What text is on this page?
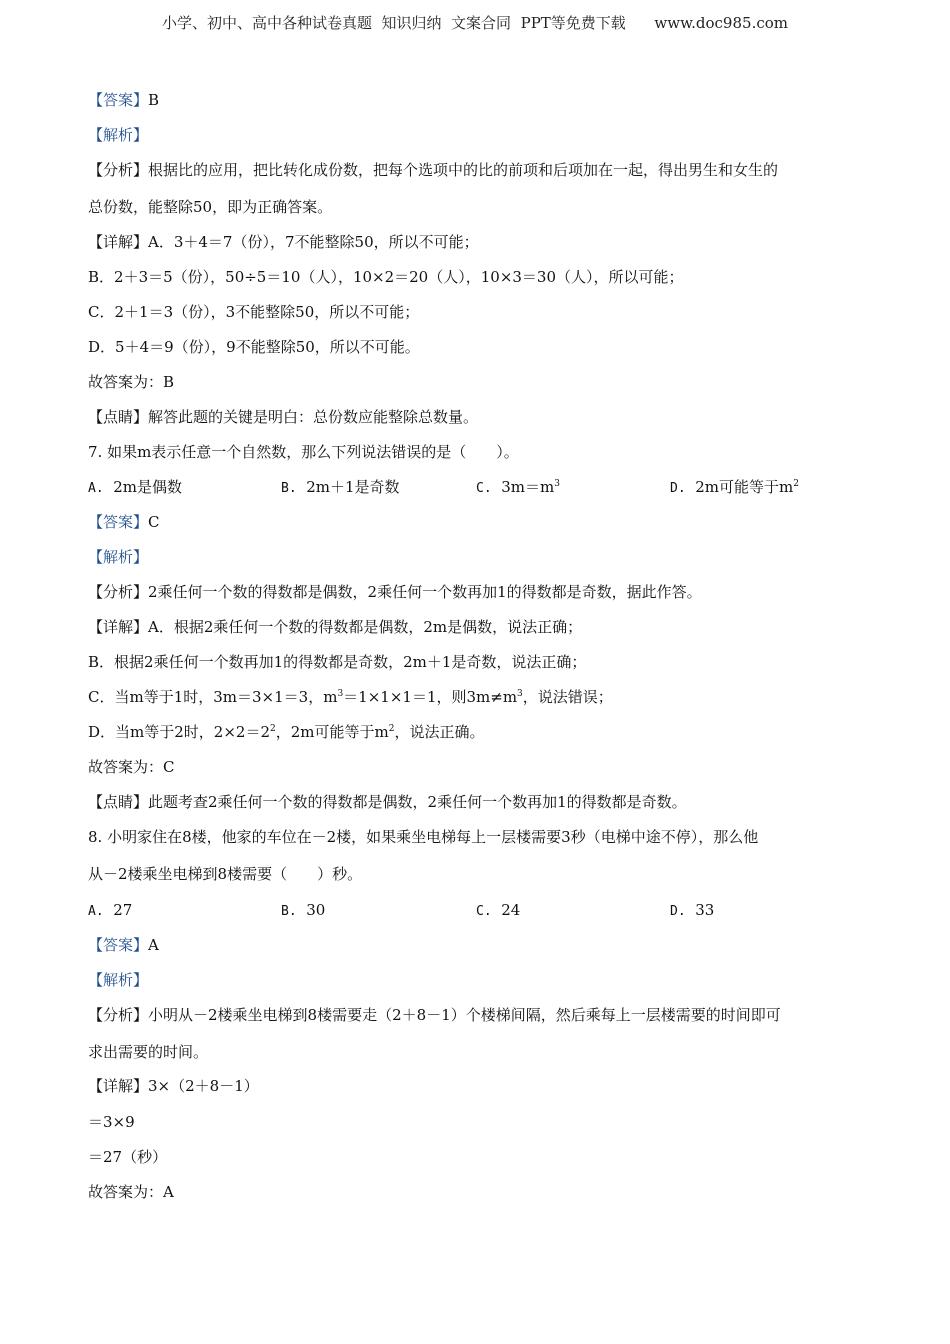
小学、初中、高中各种试卷真题  知识归纳  文案合同  PPT等免费下载      www.doc985.com
【答案】B
【解析】
【分析】根据比的应用，把比转化成份数，把每个选项中的比的前项和后项加在一起，得出男生和女生的
总份数，能整除50，即为正确答案。
【详解】A．3＋4＝7（份），7不能整除50，所以不可能；
B．2＋3＝5（份），50÷5＝10（人），10×2＝20（人），10×3＝30（人），所以可能；
C．2＋1＝3（份），3不能整除50，所以不可能；
D．5＋4＝9（份），9不能整除50，所以不可能。
故答案为：B
【点睛】解答此题的关键是明白：总份数应能整除总数量。
7. 如果m表示任意一个自然数，那么下列说法错误的是（　　）。
A. 2m是偶数	B. 2m＋1是奇数	C. $3m=m^3$	D. 2m可能等于$m^2$
【答案】C
【解析】
【分析】2乘任何一个数的得数都是偶数，2乘任何一个数再加1的得数都是奇数，据此作答。
【详解】A．根据2乘任何一个数的得数都是偶数，2m是偶数，说法正确；
B．根据2乘任何一个数再加1的得数都是奇数，2m＋1是奇数，说法正确；
C．当m等于1时，3m＝3×1＝3，$m^3=1\times 1\times 1=1$，则$3m\ne m^3$，说法错误；
D．当m等于2时，$2\times 2=2^2$，2m可能等于$m^2$，说法正确。
故答案为：C
【点睛】此题考查2乘任何一个数的得数都是偶数，2乘任何一个数再加1的得数都是奇数。
8. 小明家住在8楼，他家的车位在－2楼，如果乘坐电梯每上一层楼需要3秒（电梯中途不停），那么他
从－2楼乘坐电梯到8楼需要（　　）秒。
A. 27	B. 30	C. 24	D. 33
【答案】A
【解析】
【分析】小明从－2楼乘坐电梯到8楼需要走（2＋8－1）个楼梯间隔，然后乘每上一层楼需要的时间即可
求出需要的时间。
【详解】3×（2＋8－1）
＝3×9
＝27（秒）
故答案为：A
